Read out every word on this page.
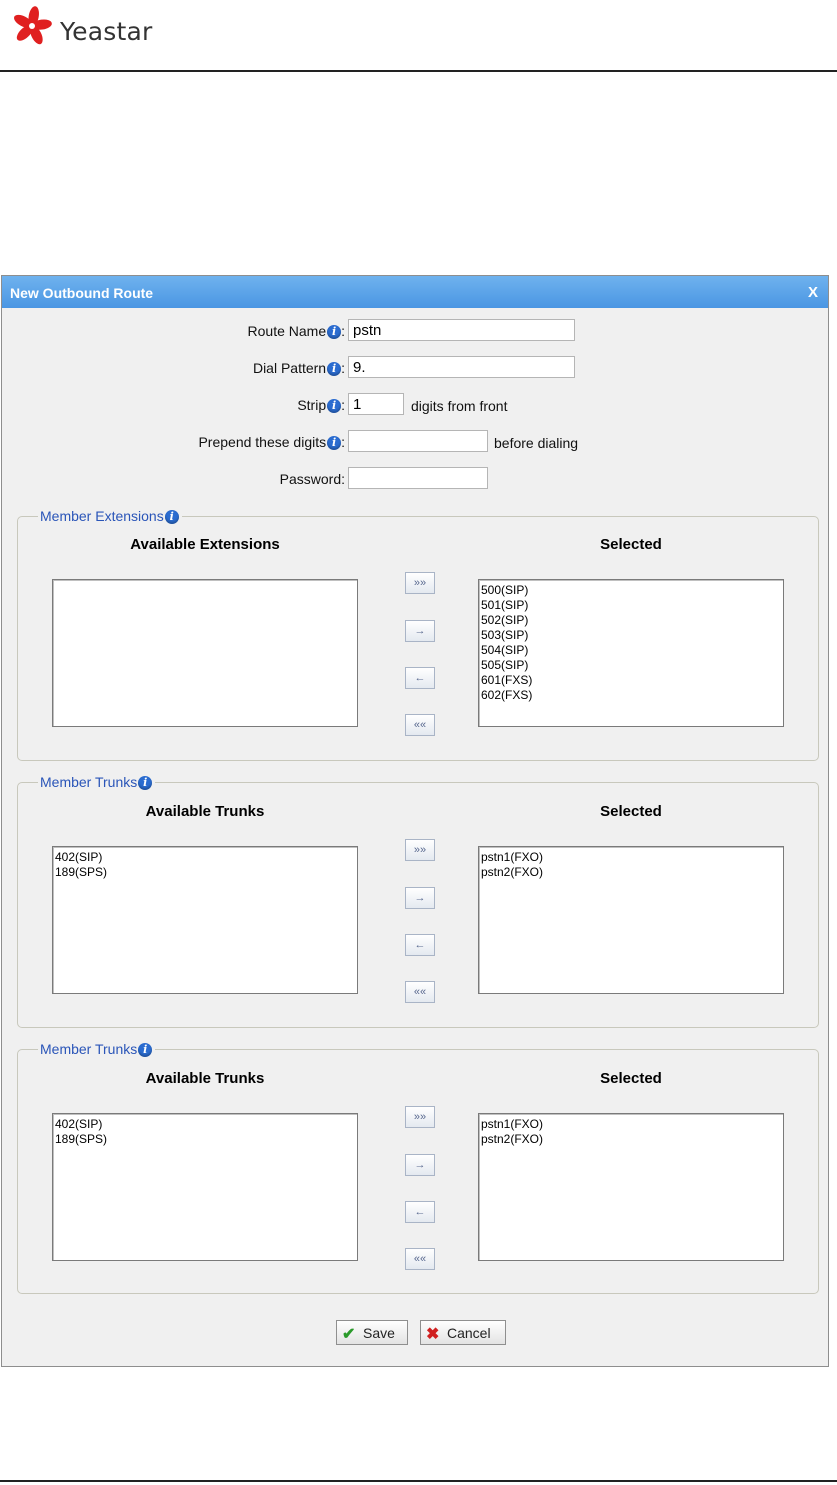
Yeastar
New Outbound Route	X
Route Name i :
pstn
Dial Pattern i :
9.
Strip i :
1	digits from front
Prepend these digits i :	before dialing
Password:
Member Extensions i
Available Extensions	Selected
500(SIP)
501(SIP)
502(SIP)
503(SIP)
504(SIP)
505(SIP)
601(FXS)
602(FXS)
»»
→
←
««
Member Trunks i
Available Trunks	Selected
402(SIP)
189(SPS)
pstn1(FXO)
pstn2(FXO)
»»
→
←
««
Member Trunks i
Available Trunks	Selected
402(SIP)
189(SPS)
pstn1(FXO)
pstn2(FXO)
»»
→
←
««
✔ Save ✖ Cancel
